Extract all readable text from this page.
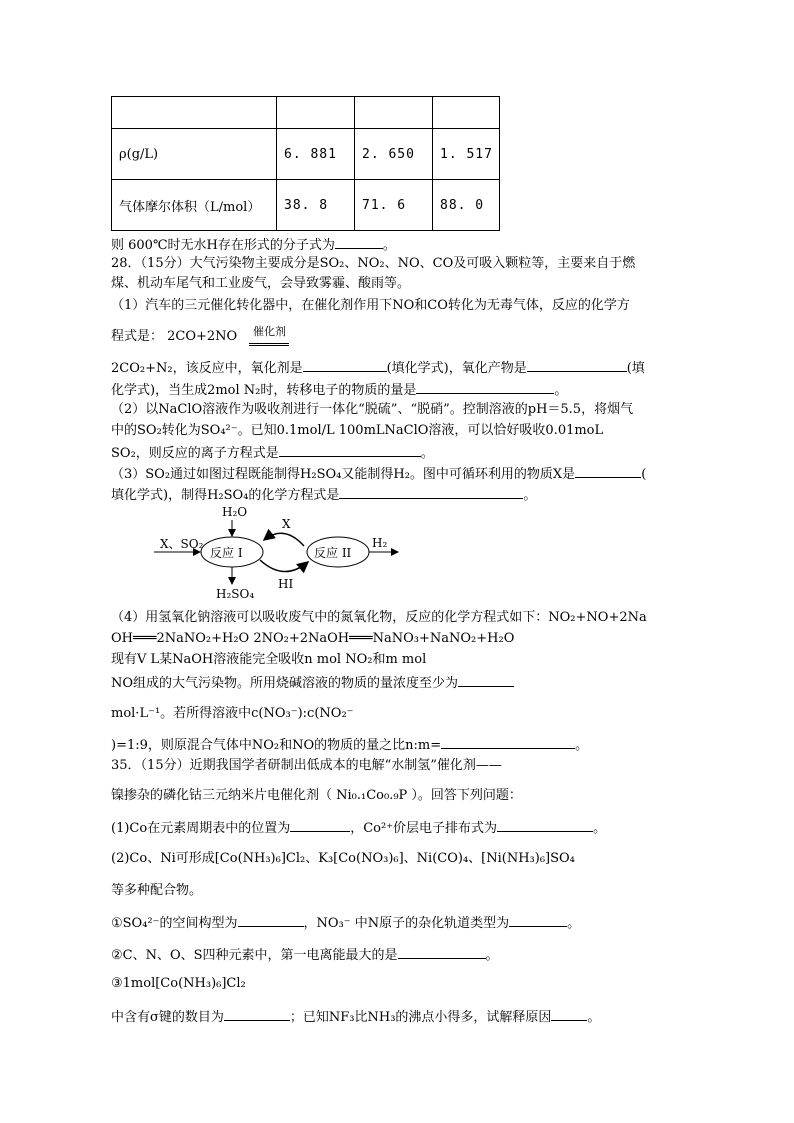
ρ(g/L)	6. 881	2. 650	1. 517
气体摩尔体积（L/mol）	38. 8	71. 6	88. 0
则 600℃时无水H存在形式的分子式为	。
28．（15分）大气污染物主要成分是SO₂、NO₂、NO、CO及可吸入颗粒等，主要来自于燃
煤、机动车尾气和工业废气，会导致雾霾、酸雨等。
（1）汽车的三元催化转化器中，在催化剂作用下NO和CO转化为无毒气体，反应的化学方
程式是： 2CO+2NO 催化剂
2CO₂+N₂，该反应中，氧化剂是	(填化学式)，氧化产物是	(填
化学式)，当生成2mol N₂时，转移电子的物质的量是	。
（2）以NaClO溶液作为吸收剂进行一体化“脱硫”、“脱硝”。控制溶液的pH＝5.5，将烟气
中的SO₂转化为SO₄²⁻。已知0.1mol/L 100mLNaClO溶液，可以恰好吸收0.01moL
SO₂，则反应的离子方程式是	。
（3）SO₂通过如图过程既能制得H₂SO₄又能制得H₂。图中可循环利用的物质X是	(
填化学式)，制得H₂SO₄的化学方程式是	。
H₂O
X、SO₂
反应 I	反应 II
X
HI
H₂
H₂SO₄
（4）用氢氧化钠溶液可以吸收废气中的氮氧化物，反应的化学方程式如下：NO₂+NO+2Na
OH═══2NaNO₂+H₂O 2NO₂+2NaOH═══NaNO₃+NaNO₂+H₂O
现有V L某NaOH溶液能完全吸收n mol NO₂和m mol
NO组成的大气污染物。所用烧碱溶液的物质的量浓度至少为
mol·L⁻¹。若所得溶液中c(NO₃⁻):c(NO₂⁻
)=1:9，则原混合气体中NO₂和NO的物质的量之比n:m=	。
35．（15分）近期我国学者研制出低成本的电解“水制氢”催化剂——
镍掺杂的磷化钴三元纳米片电催化剂（ Ni₀.₁Co₀.₉P ）。回答下列问题：
(1)Co在元素周期表中的位置为	，Co²⁺价层电子排布式为	。
(2)Co、Ni可形成[Co(NH₃)₆]Cl₂、K₃[Co(NO₃)₆]、Ni(CO)₄、[Ni(NH₃)₆]SO₄
等多种配合物。
①SO₄²⁻的空间构型为	，NO₃⁻ 中N原子的杂化轨道类型为	。
②C、N、O、S四种元素中，第一电离能最大的是	。
③1mol[Co(NH₃)₆]Cl₂
中含有σ键的数目为	；已知NF₃比NH₃的沸点小得多，试解释原因	。
